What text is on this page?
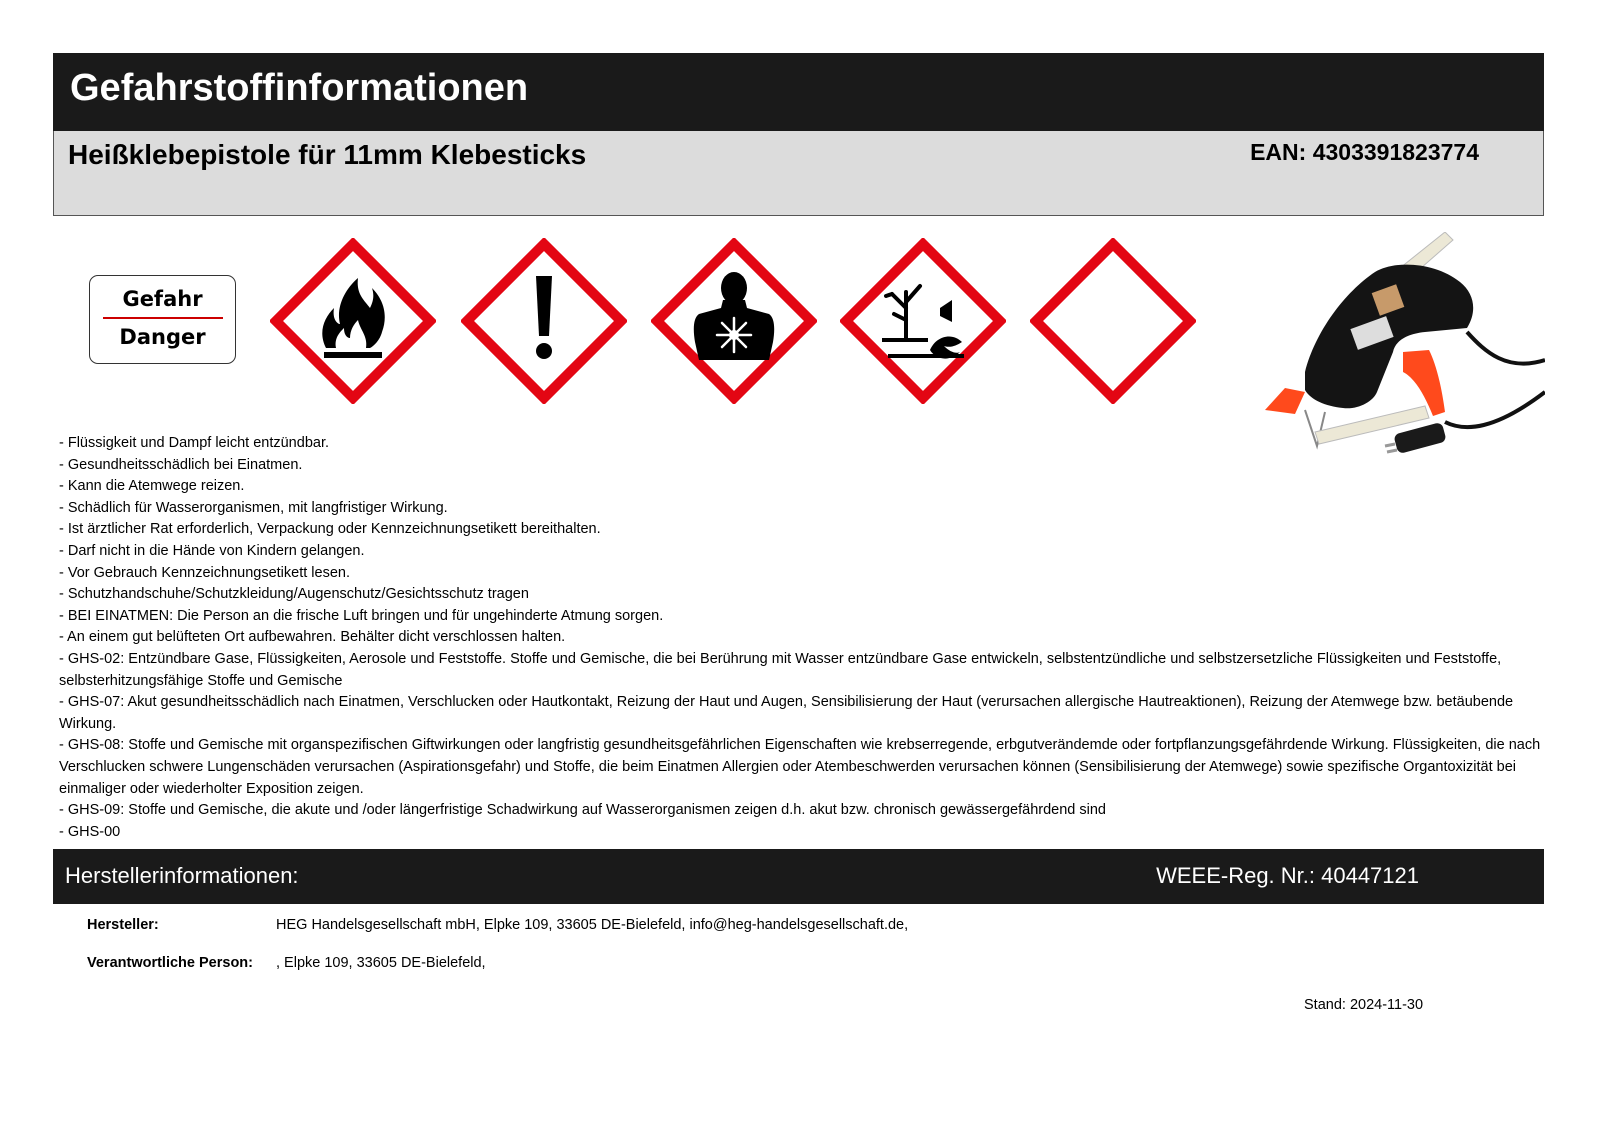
Gefahrstoffinformationen
Heißklebepistole für 11mm Klebesticks	EAN: 4303391823774
Gefahr
Danger
- Flüssigkeit und Dampf leicht entzündbar.
- Gesundheitsschädlich bei Einatmen.
- Kann die Atemwege reizen.
- Schädlich für Wasserorganismen, mit langfristiger Wirkung.
- Ist ärztlicher Rat erforderlich, Verpackung oder Kennzeichnungsetikett bereithalten.
- Darf nicht in die Hände von Kindern gelangen.
- Vor Gebrauch Kennzeichnungsetikett lesen.
- Schutzhandschuhe/Schutzkleidung/Augenschutz/Gesichtsschutz tragen
- BEI EINATMEN: Die Person an die frische Luft bringen und für ungehinderte Atmung sorgen.
- An einem gut belüfteten Ort aufbewahren. Behälter dicht verschlossen halten.
- GHS-02: Entzündbare Gase, Flüssigkeiten, Aerosole und Feststoffe. Stoffe und Gemische, die bei Berührung mit Wasser entzündbare Gase entwickeln, selbstentzündliche und selbstzersetzliche Flüssigkeiten und Feststoffe, selbsterhitzungsfähige Stoffe und Gemische
- GHS-07: Akut gesundheitsschädlich nach Einatmen, Verschlucken oder Hautkontakt, Reizung der Haut und Augen, Sensibilisierung der Haut (verursachen allergische Hautreaktionen), Reizung der Atemwege bzw. betäubende Wirkung.
- GHS-08: Stoffe und Gemische mit organspezifischen Giftwirkungen oder langfristig gesundheitsgefährlichen Eigenschaften wie krebserregende, erbgutverändemde oder fortpflanzungsgefährdende Wirkung. Flüssigkeiten, die nach Verschlucken schwere Lungenschäden verursachen (Aspirationsgefahr) und Stoffe, die beim Einatmen Allergien oder Atembeschwerden verursachen können (Sensibilisierung der Atemwege) sowie spezifische Organtoxizität bei einmaliger oder wiederholter Exposition zeigen.
- GHS-09: Stoffe und Gemische, die akute und /oder längerfristige Schadwirkung auf Wasserorganismen zeigen d.h. akut bzw. chronisch gewässergefährdend sind
- GHS-00
Herstellerinformationen:	WEEE-Reg. Nr.: 40447121
Hersteller:	HEG Handelsgesellschaft mbH, Elpke 109, 33605 DE-Bielefeld, info@heg-handelsgesellschaft.de,
Verantwortliche Person: , Elpke 109, 33605 DE-Bielefeld,
Stand: 2024-11-30
